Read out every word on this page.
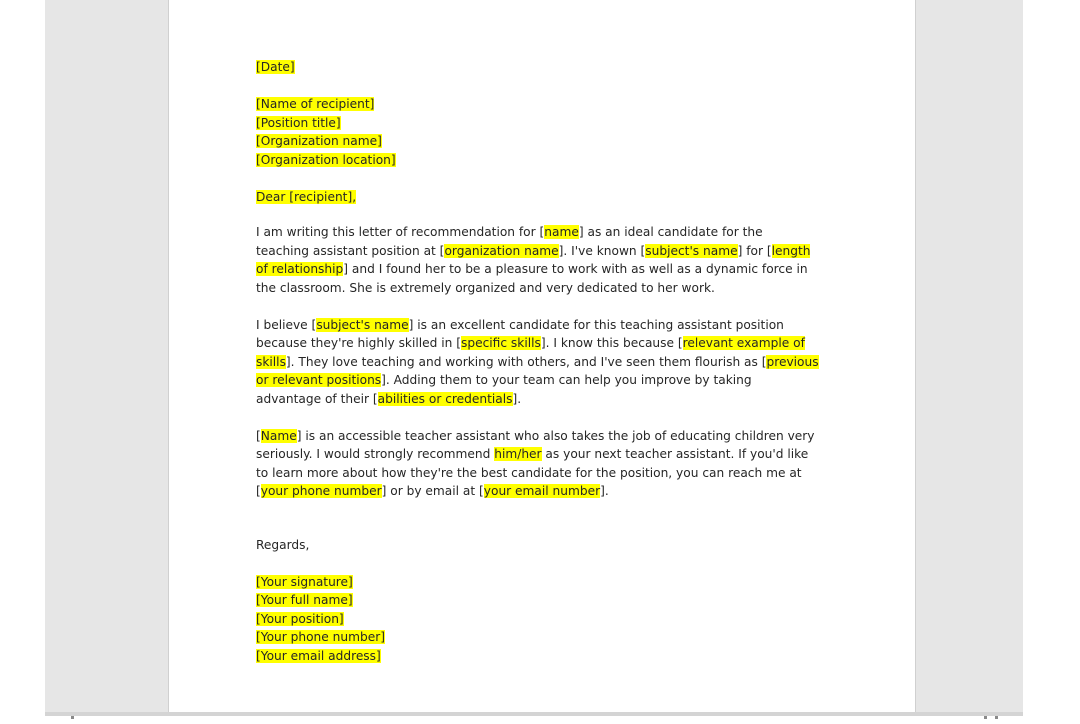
[Date]
[Name of recipient]
[Position title]
[Organization name]
[Organization location]
Dear [recipient],
I am writing this letter of recommendation for [name] as an ideal candidate for the
teaching assistant position at [organization name]. I've known [subject's name] for [length
of relationship] and I found her to be a pleasure to work with as well as a dynamic force in
the classroom. She is extremely organized and very dedicated to her work.
I believe [subject's name] is an excellent candidate for this teaching assistant position
because they're highly skilled in [specific skills]. I know this because [relevant example of
skills]. They love teaching and working with others, and I've seen them flourish as [previous
or relevant positions]. Adding them to your team can help you improve by taking
advantage of their [abilities or credentials].
[Name] is an accessible teacher assistant who also takes the job of educating children very
seriously. I would strongly recommend him/her as your next teacher assistant. If you'd like
to learn more about how they're the best candidate for the position, you can reach me at
[your phone number] or by email at [your email number].
Regards,
[Your signature]
[Your full name]
[Your position]
[Your phone number]
[Your email address]
